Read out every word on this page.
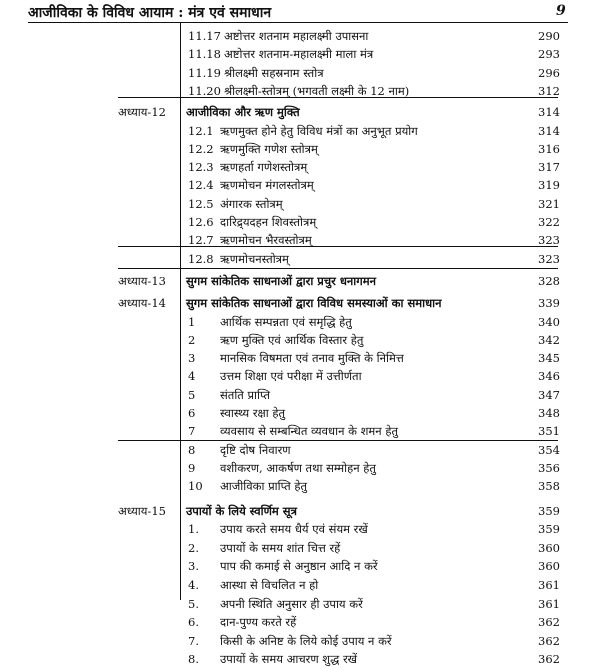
आजीविका के विविध आयाम : मंत्र एवं समाधान	9
11.17 अष्टोत्तर शतनाम महालक्ष्मी उपासना	290
11.18 अष्टोत्तर शतनाम-महालक्ष्मी माला मंत्र	293
11.19 श्रीलक्ष्मी सहस्रनाम स्तोत्र	296
11.20 श्रीलक्ष्मी-स्तोत्रम् (भगवती लक्ष्मी के 12 नाम)	312
अध्याय-12 आजीविका और ऋण मुक्ति	314
12.1 ऋणमुक्त होने हेतु विविध मंत्रों का अनुभूत प्रयोग	314
12.2 ऋणमुक्ति गणेश स्तोत्रम्	316
12.3 ऋणहर्ता गणेशस्तोत्रम्	317
12.4 ऋणमोचन मंगलस्तोत्रम्	319
12.5 अंगारक स्तोत्रम्	321
12.6 दारिद्र्यदहन शिवस्तोत्रम्	322
12.7 ऋणमोचन भैरवस्तोत्रम्	323
12.8 ऋणमोचनस्तोत्रम्	323
अध्याय-13 सुगम सांकेतिक साधनाओं द्वारा प्रचुर धनागमन	328
अध्याय-14 सुगम सांकेतिक साधनाओं द्वारा विविध समस्याओं का समाधान	339
1 आर्थिक सम्पन्नता एवं समृद्धि हेतु	340
2 ऋण मुक्ति एवं आर्थिक विस्तार हेतु	342
3 मानसिक विषमता एवं तनाव मुक्ति के निमित्त	345
4 उत्तम शिक्षा एवं परीक्षा में उत्तीर्णता	346
5 संतति प्राप्ति	347
6 स्वास्थ्य रक्षा हेतु	348
7 व्यवसाय से सम्बन्धित व्यवधान के शमन हेतु	351
8 दृष्टि दोष निवारण	354
9 वशीकरण, आकर्षण तथा सम्मोहन हेतु	356
10 आजीविका प्राप्ति हेतु	358
अध्याय-15 उपायों के लिये स्वर्णिम सूत्र	359
1. उपाय करते समय धैर्य एवं संयम रखें	359
2. उपायों के समय शांत चित्त रहें	360
3. पाप की कमाई से अनुष्ठान आदि न करें	360
4. आस्था से विचलित न हो	361
5. अपनी स्थिति अनुसार ही उपाय करें	361
6. दान-पुण्य करते रहें	362
7. किसी के अनिष्ट के लिये कोई उपाय न करें	362
8. उपायों के समय आचरण शुद्ध रखें	362
